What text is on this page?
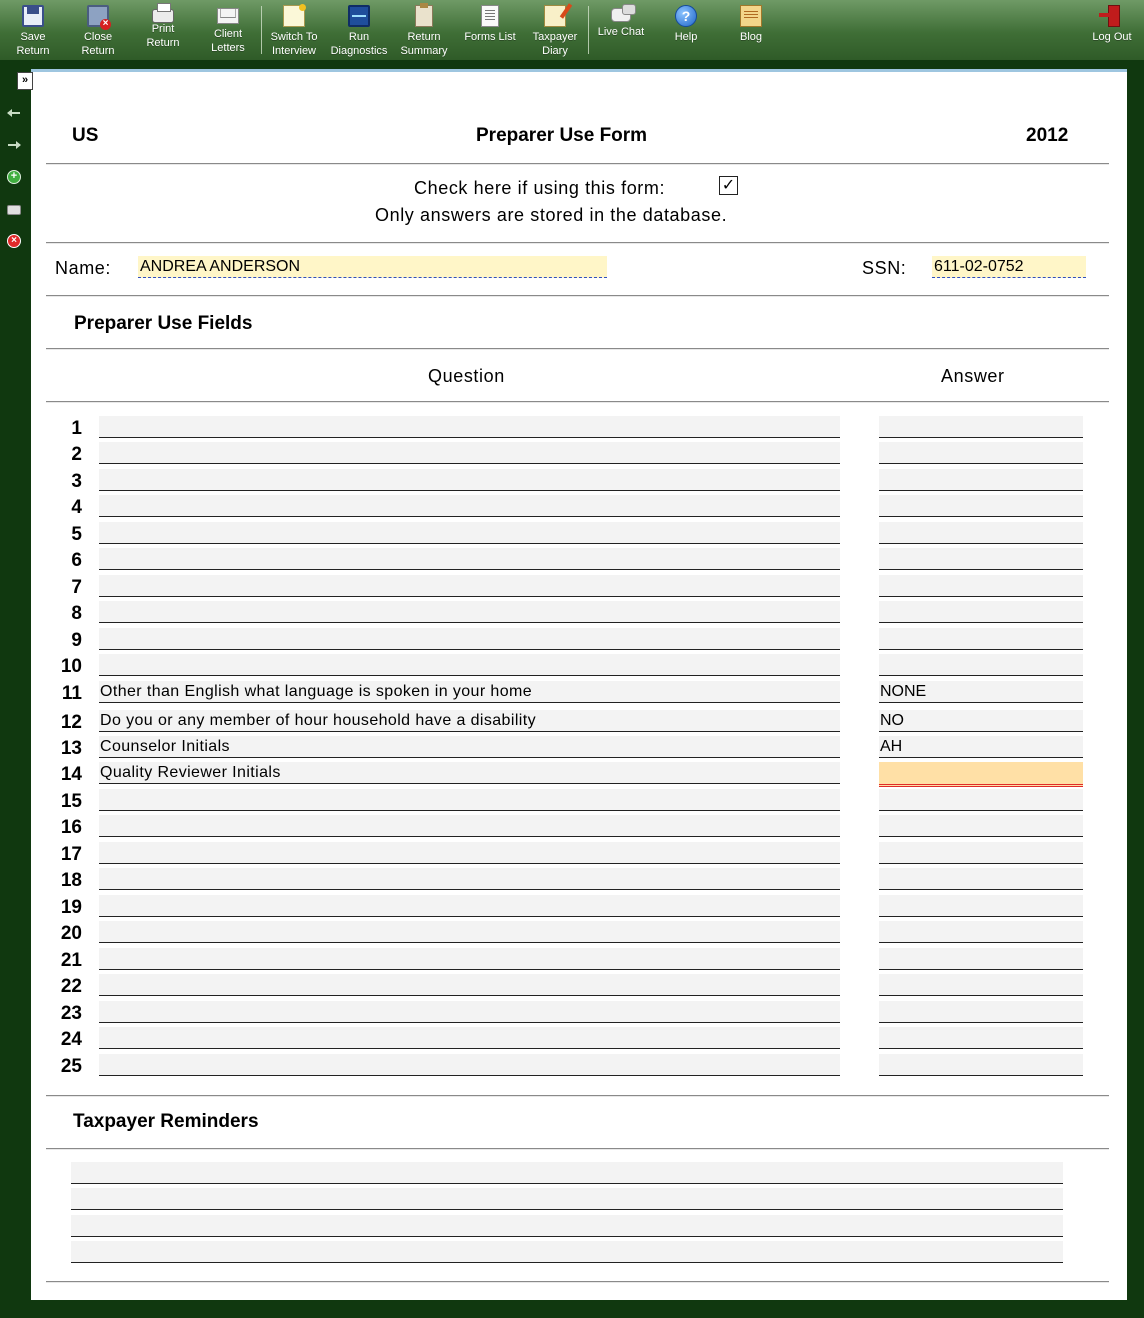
Save
Return
×
Close
Return
Print
Return
Client
Letters
Switch To
Interview
Run
Diagnostics
Return
Summary
Forms List	Taxpayer
Diary
Live Chat
?
Help	Blog	Log Out
+
×
»
US	Preparer Use Form	2012
Check here if using this form:	✓
Only answers are stored in the database.
Name: ANDREA ANDERSON	SSN: 611-02-0752
Preparer Use Fields
Question	Answer
1
2
3
4
5
6
7
8
9
10
11 Other than English what language is spoken in your home	NONE
12 Do you or any member of hour household have a disability	NO
13 Counselor Initials	AH
14 Quality Reviewer Initials
15
16
17
18
19
20
21
22
23
24
25
Taxpayer Reminders
